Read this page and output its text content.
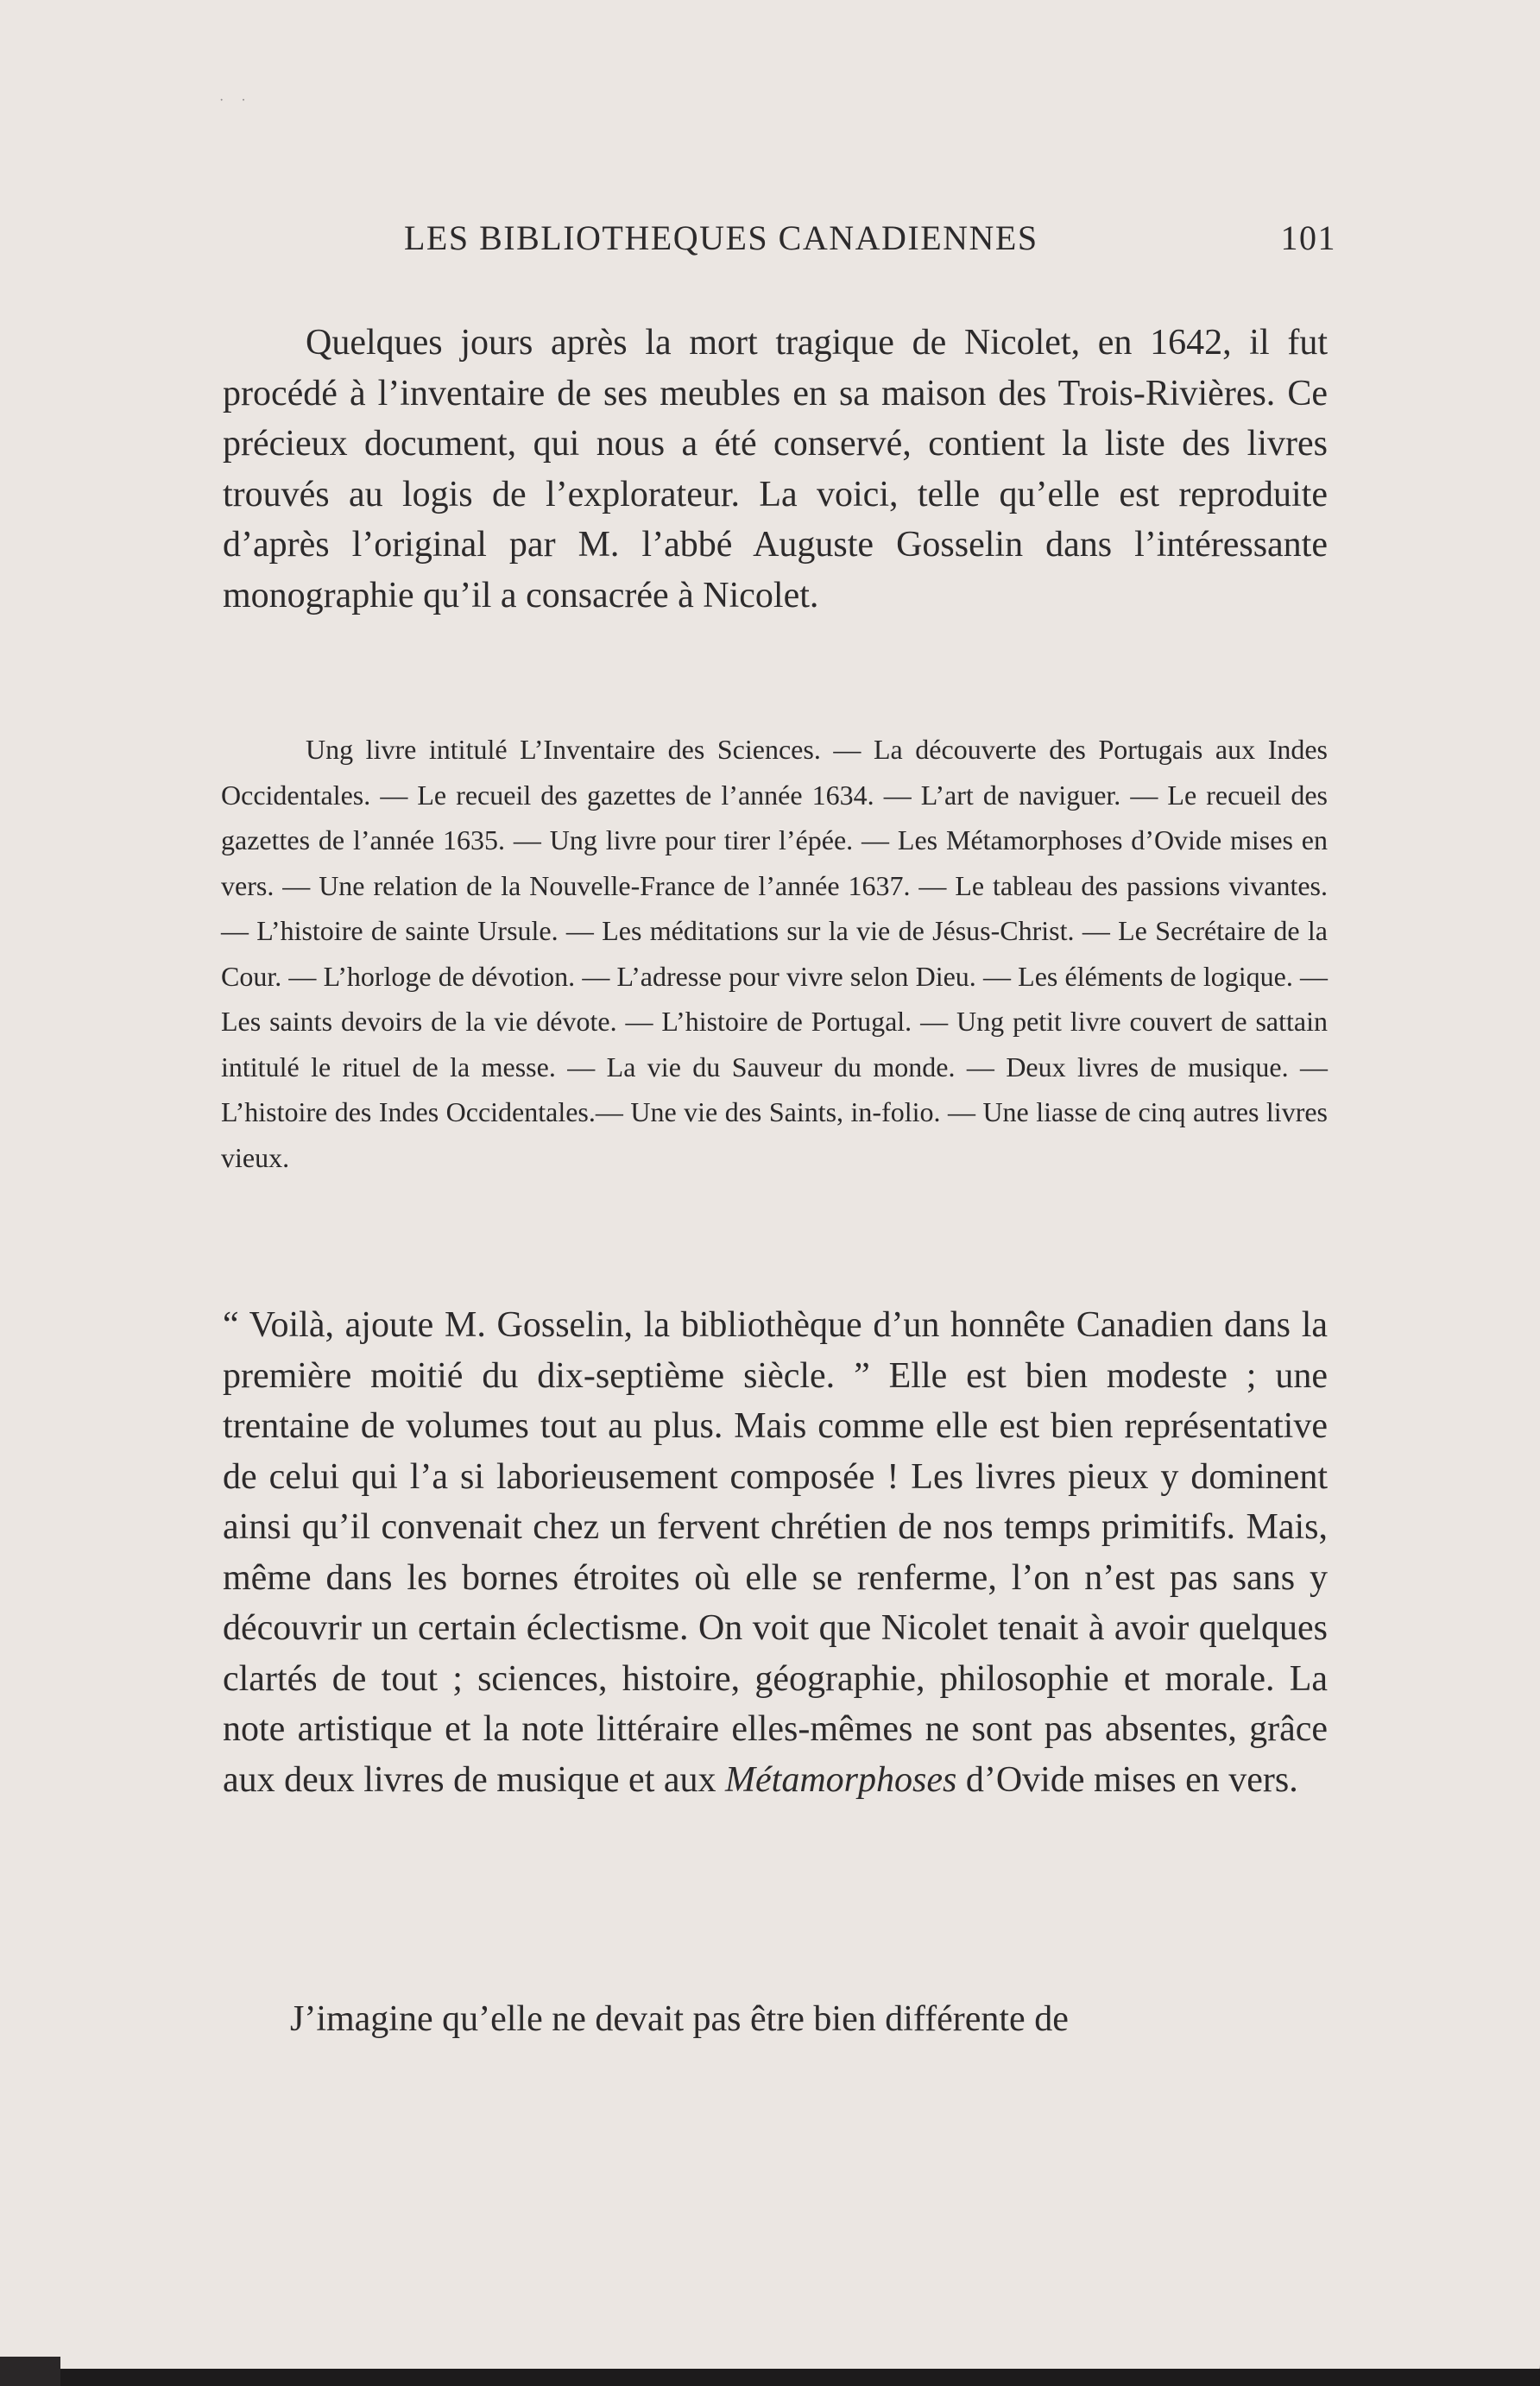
· ·
LES BIBLIOTHEQUES CANADIENNES	101

Quelques jours après la mort tragique de Nicolet, en 1642, il fut procédé à l’inventaire de ses meubles en sa maison des Trois-Rivières. Ce précieux document, qui nous a été conservé, contient la liste des livres trouvés au logis de l’explorateur. La voici, telle qu’elle est reproduite d’après l’original par M. l’abbé Auguste Gosselin dans l’intéressante monographie qu’il a consacrée à Nicolet.

Ung livre intitulé L’Inventaire des Sciences. — La découverte des Portugais aux Indes Occidentales. — Le recueil des gazettes de l’année 1634. — L’art de naviguer. — Le recueil des gazettes de l’année 1635. — Ung livre pour tirer l’épée. — Les Métamorphoses d’Ovide mises en vers. — Une relation de la Nouvelle-France de l’année 1637. — Le tableau des passions vivantes. — L’histoire de sainte Ursule. — Les méditations sur la vie de Jésus-Christ. — Le Secrétaire de la Cour. — L’horloge de dévotion. — L’adresse pour vivre selon Dieu. — Les éléments de logique. — Les saints devoirs de la vie dévote. — L’histoire de Portugal. — Ung petit livre couvert de sattain intitulé le rituel de la messe. — La vie du Sauveur du monde. — Deux livres de musique. — L’histoire des Indes Occidentales.— Une vie des Saints, in-folio. — Une liasse de cinq autres livres vieux.

“ Voilà, ajoute M. Gosselin, la bibliothèque d’un honnête Canadien dans la première moitié du dix-septième siècle. ” Elle est bien modeste ; une trentaine de volumes tout au plus. Mais comme elle est bien représentative de celui qui l’a si laborieusement composée ! Les livres pieux y dominent ainsi qu’il convenait chez un fervent chrétien de nos temps primitifs. Mais, même dans les bornes étroites où elle se renferme, l’on n’est pas sans y découvrir un certain éclectisme. On voit que Nicolet tenait à avoir quelques clartés de tout ; sciences, histoire, géographie, philosophie et morale. La note artistique et la note littéraire elles-mêmes ne sont pas absentes, grâce aux deux livres de musique et aux Métamorphoses d’Ovide mises en vers.

J’imagine qu’elle ne devait pas être bien différente de
